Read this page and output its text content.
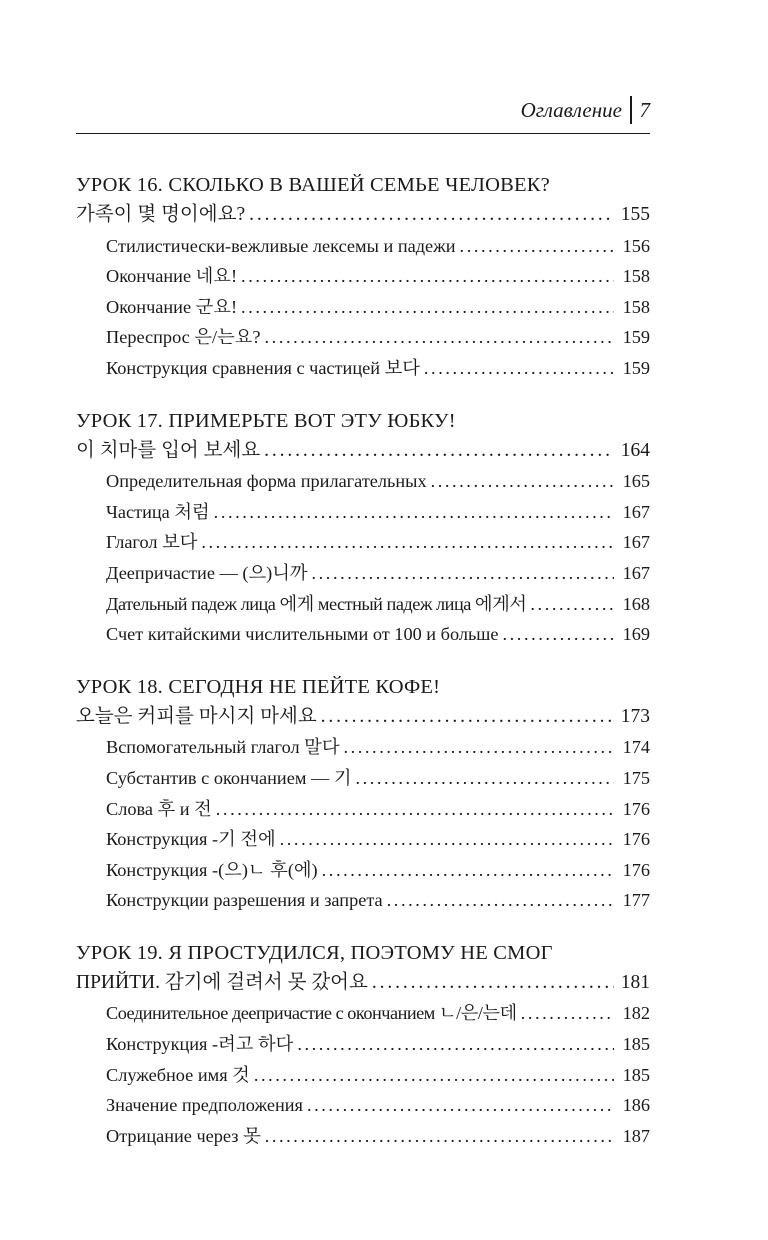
Оглавление 7
УРОК 16. СКОЛЬКО В ВАШЕЙ СЕМЬЕ ЧЕЛОВЕК?
가족이 몇 명이에요? . . .	155
Стилистически-вежливые лексемы и падежи . . .	156
Окончание 네요! . . .	158
Окончание 군요! . . .	158
Переспрос 은/는요? . . .	159
Конструкция сравнения с частицей 보다 . . .	159
УРОК 17. ПРИМЕРЬТЕ ВОТ ЭТУ ЮБКУ!
이 치마를 입어 보세요 . . .	164
Определительная форма прилагательных . . .	165
Частица 처럼 . . .	167
Глагол 보다 . . .	167
Деепричастие — (으)니까 . . .	167
Дательный падеж лица 에게 местный падеж лица 에게서 . . .	168
Счет китайскими числительными от 100 и больше . . .	169
УРОК 18. СЕГОДНЯ НЕ ПЕЙТЕ КОФЕ!
오늘은 커피를 마시지 마세요 . . .	173
Вспомогательный глагол 말다 . . .	174
Субстантив с окончанием — 기 . . .	175
Слова 후 и 전 . . .	176
Конструкция -기 전에 . . .	176
Конструкция -(으)ㄴ 후(에) . . .	176
Конструкции разрешения и запрета . . .	177
УРОК 19. Я ПРОСТУДИЛСЯ, ПОЭТОМУ НЕ СМОГ
ПРИЙТИ. 감기에 걸려서 못 갔어요 . . .	181
Соединительное деепричастие с окончанием ㄴ/은/는데 . . .	182
Конструкция -려고 하다 . . .	185
Служебное имя 것 . . .	185
Значение предположения . . .	186
Отрицание через 못 . . .	187
